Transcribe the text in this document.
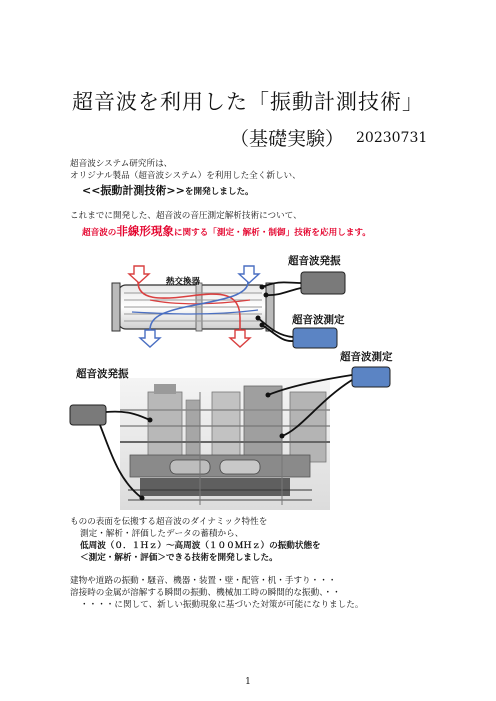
超音波を利用した「振動計測技術」
（基礎実験） 20230731
超音波システム研究所は、
オリジナル製品（超音波システム）を利用した全く新しい、
<<振動計測技術>>を開発しました。
これまでに開発した、超音波の音圧測定解析技術について、
超音波の非線形現象に関する「測定・解析・制御」技術を応用します。
熱交換器
超音波発振
超音波測定
超音波測定
超音波発振
ものの表面を伝搬する超音波のダイナミック特性を
測定・解析・評価したデータの蓄積から、
低周波（０．１Ｈｚ）～高周波（１００ＭＨｚ）の振動状態を
＜測定・解析・評価＞できる技術を開発しました。
建物や道路の振動・騒音、機器・装置・壁・配管・机・手すり・・・
溶接時の金属が溶解する瞬間の振動、機械加工時の瞬間的な振動、・・
・・・・に関して、新しい振動現象に基づいた対策が可能になりました。
1
